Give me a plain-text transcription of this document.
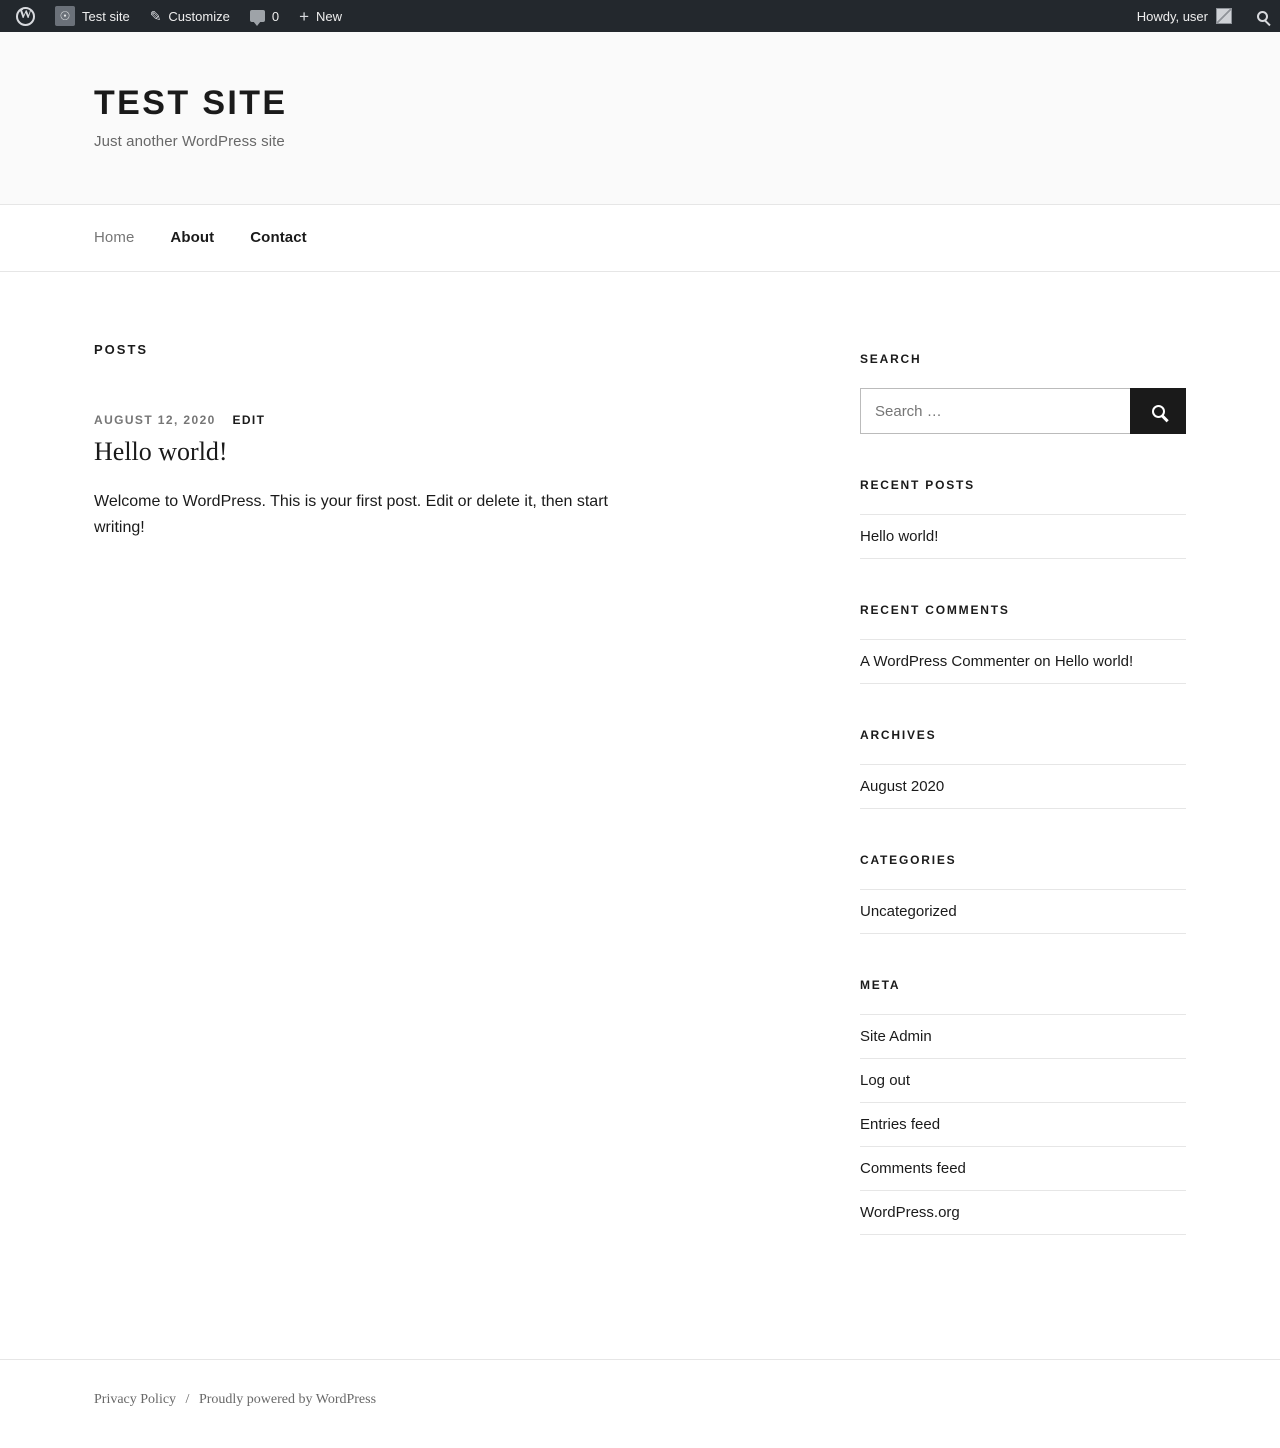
W
☉ Test site ✎ Customize	0 + New	Howdy, user
TEST SITE

Just another WordPress site

Home About Contact
POSTS
AUGUST 12, 2020 EDIT
Hello world!

Welcome to WordPress. This is your first post. Edit or delete it, then start writing!

SEARCH
Search …
RECENT POSTS
Hello world!
RECENT COMMENTS
A WordPress Commenter on Hello world!
ARCHIVES
August 2020
CATEGORIES
Uncategorized
META
Site Admin
Log out
Entries feed
Comments feed
WordPress.org
Privacy Policy / Proudly powered by WordPress
